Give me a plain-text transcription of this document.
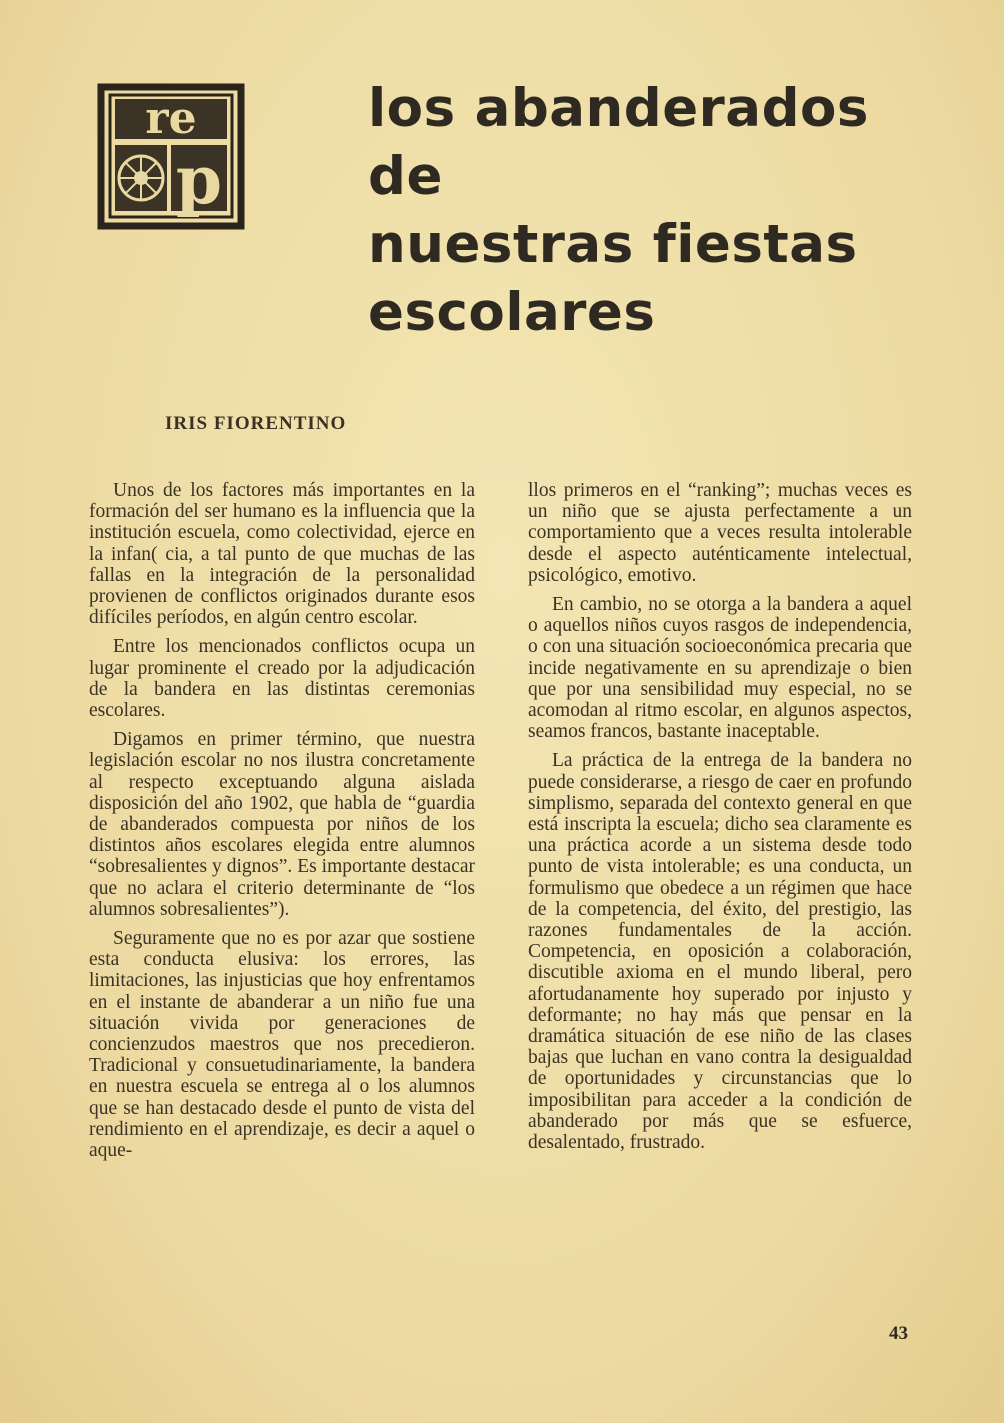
re
p
los abanderados
de
nuestras fiestas
escolares
IRIS FIORENTINO

Unos de los factores más importantes en la formación del ser humano es la influencia que la institución escuela, como colectividad, ejerce en la infan( cia, a tal punto de que muchas de las fallas en la integración de la personalidad provienen de conflictos originados durante esos difíciles períodos, en algún centro escolar.

Entre los mencionados conflictos ocupa un lugar prominente el creado por la adjudicación de la bandera en las distintas ceremonias escolares.

Digamos en primer término, que nuestra legislación escolar no nos ilustra concretamente al respecto exceptuando alguna aislada disposición del año 1902, que habla de “guardia de abanderados compuesta por niños de los distintos años escolares elegida entre alumnos “sobresalientes y dignos”. Es importante destacar que no aclara el criterio determinante de “los alumnos sobresalientes”).

Seguramente que no es por azar que sostiene esta conducta elusiva: los errores, las limitaciones, las injusticias que hoy enfrentamos en el instante de abanderar a un niño fue una situación vivida por generaciones de concienzudos maestros que nos precedieron. Tradicional y consuetudinariamente, la bandera en nuestra escuela se entrega al o los alumnos que se han destacado desde el punto de vista del rendimiento en el aprendizaje, es decir a aquel o aque-

llos primeros en el “ranking”; muchas veces es un niño que se ajusta perfectamente a un comportamiento que a veces resulta intolerable desde el aspecto auténticamente intelectual, psicológico, emotivo.

En cambio, no se otorga a la bandera a aquel o aquellos niños cuyos rasgos de independencia, o con una situación socioeconómica precaria que incide negativamente en su aprendizaje o bien que por una sensibilidad muy especial, no se acomodan al ritmo escolar, en algunos aspectos, seamos francos, bastante inaceptable.

La práctica de la entrega de la bandera no puede considerarse, a riesgo de caer en profundo simplismo, separada del contexto general en que está inscripta la escuela; dicho sea claramente es una práctica acorde a un sistema desde todo punto de vista intolerable; es una conducta, un formulismo que obedece a un régimen que hace de la competencia, del éxito, del prestigio, las razones fundamentales de la acción. Competencia, en oposición a colaboración, discutible axioma en el mundo liberal, pero afortudanamente hoy superado por injusto y deformante; no hay más que pensar en la dramática situación de ese niño de las clases bajas que luchan en vano contra la desigualdad de oportunidades y circunstancias que lo imposibilitan para acceder a la condición de abanderado por más que se esfuerce, desalentado, frustrado.

43
